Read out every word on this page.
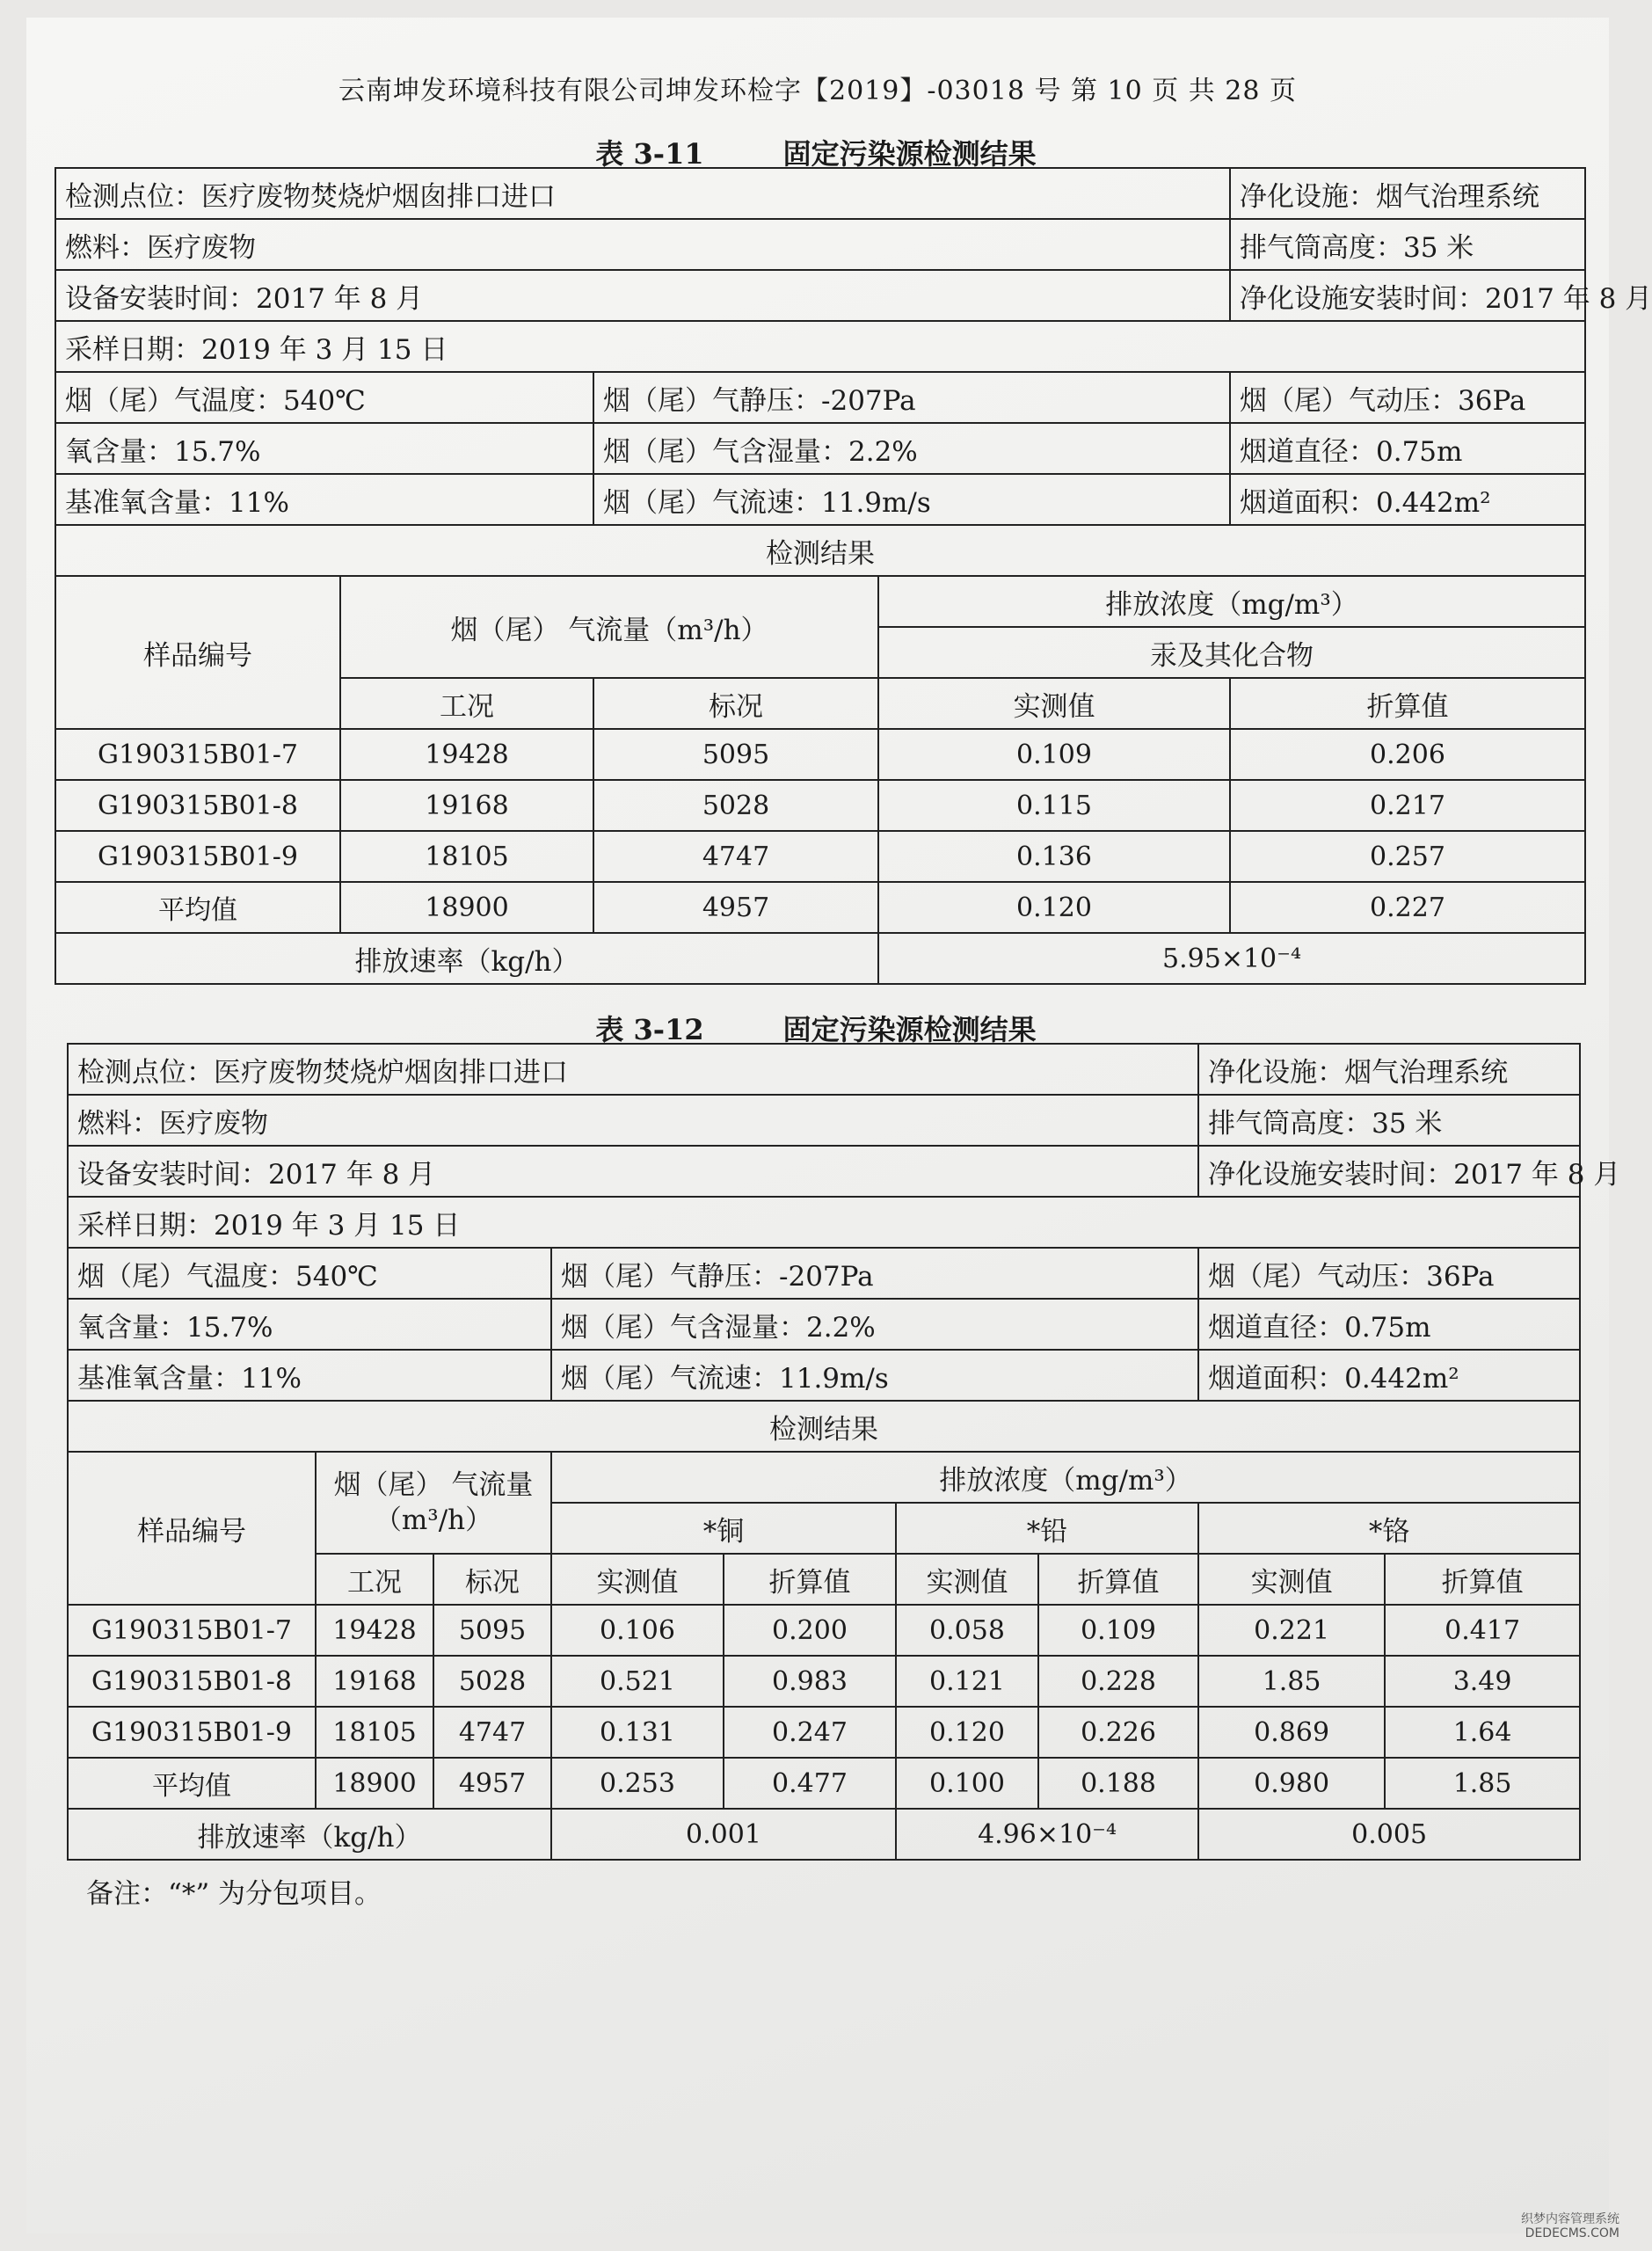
云南坤发环境科技有限公司坤发环检字【2019】-03018 号 第 10 页 共 28 页
表 3-11	固定污染源检测结果
检测点位：医疗废物焚烧炉烟囱排口进口				净化设施：烟气治理系统
燃料：医疗废物				排气筒高度：35 米
设备安装时间：2017 年 8 月				净化设施安装时间：2017 年 8 月
采样日期：2019 年 3 月 15 日				
烟（尾）气温度：540℃		烟（尾）气静压：-207Pa		烟（尾）气动压：36Pa
氧含量：15.7%		烟（尾）气含湿量：2.2%		烟道直径：0.75m
基准氧含量：11%		烟（尾）气流速：11.9m/s		烟道面积：0.442m²
检测结果				
样品编号	烟（尾） 气流量（m³/h）		排放浓度（mg/m³）	
			汞及其化合物	
	工况	标况	实测值	折算值
G190315B01-7	19428	5095	0.109	0.206
G190315B01-8	19168	5028	0.115	0.217
G190315B01-9	18105	4747	0.136	0.257
平均值	18900	4957	0.120	0.227
排放速率（kg/h）			5.95×10⁻⁴	
表 3-12	固定污染源检测结果
检测点位：医疗废物焚烧炉烟囱排口进口							净化设施：烟气治理系统	
燃料：医疗废物							排气筒高度：35 米	
设备安装时间：2017 年 8 月							净化设施安装时间：2017 年 8 月	
采样日期：2019 年 3 月 15 日								
烟（尾）气温度：540℃			烟（尾）气静压：-207Pa				烟（尾）气动压：36Pa	
氧含量：15.7%			烟（尾）气含湿量：2.2%				烟道直径：0.75m	
基准氧含量：11%			烟（尾）气流速：11.9m/s				烟道面积：0.442m²	
检测结果								
样品编号	烟（尾） 气流量
（m³/h）		排放浓度（mg/m³）					
			*铜		*铅		*铬	
	工况	标况	实测值	折算值	实测值	折算值	实测值	折算值
G190315B01-7	19428	5095	0.106	0.200	0.058	0.109	0.221	0.417
G190315B01-8	19168	5028	0.521	0.983	0.121	0.228	1.85	3.49
G190315B01-9	18105	4747	0.131	0.247	0.120	0.226	0.869	1.64
平均值	18900	4957	0.253	0.477	0.100	0.188	0.980	1.85
排放速率（kg/h）			0.001		4.96×10⁻⁴		0.005	
备注：“*” 为分包项目。
织梦内容管理系统
DEDECMS.COM
